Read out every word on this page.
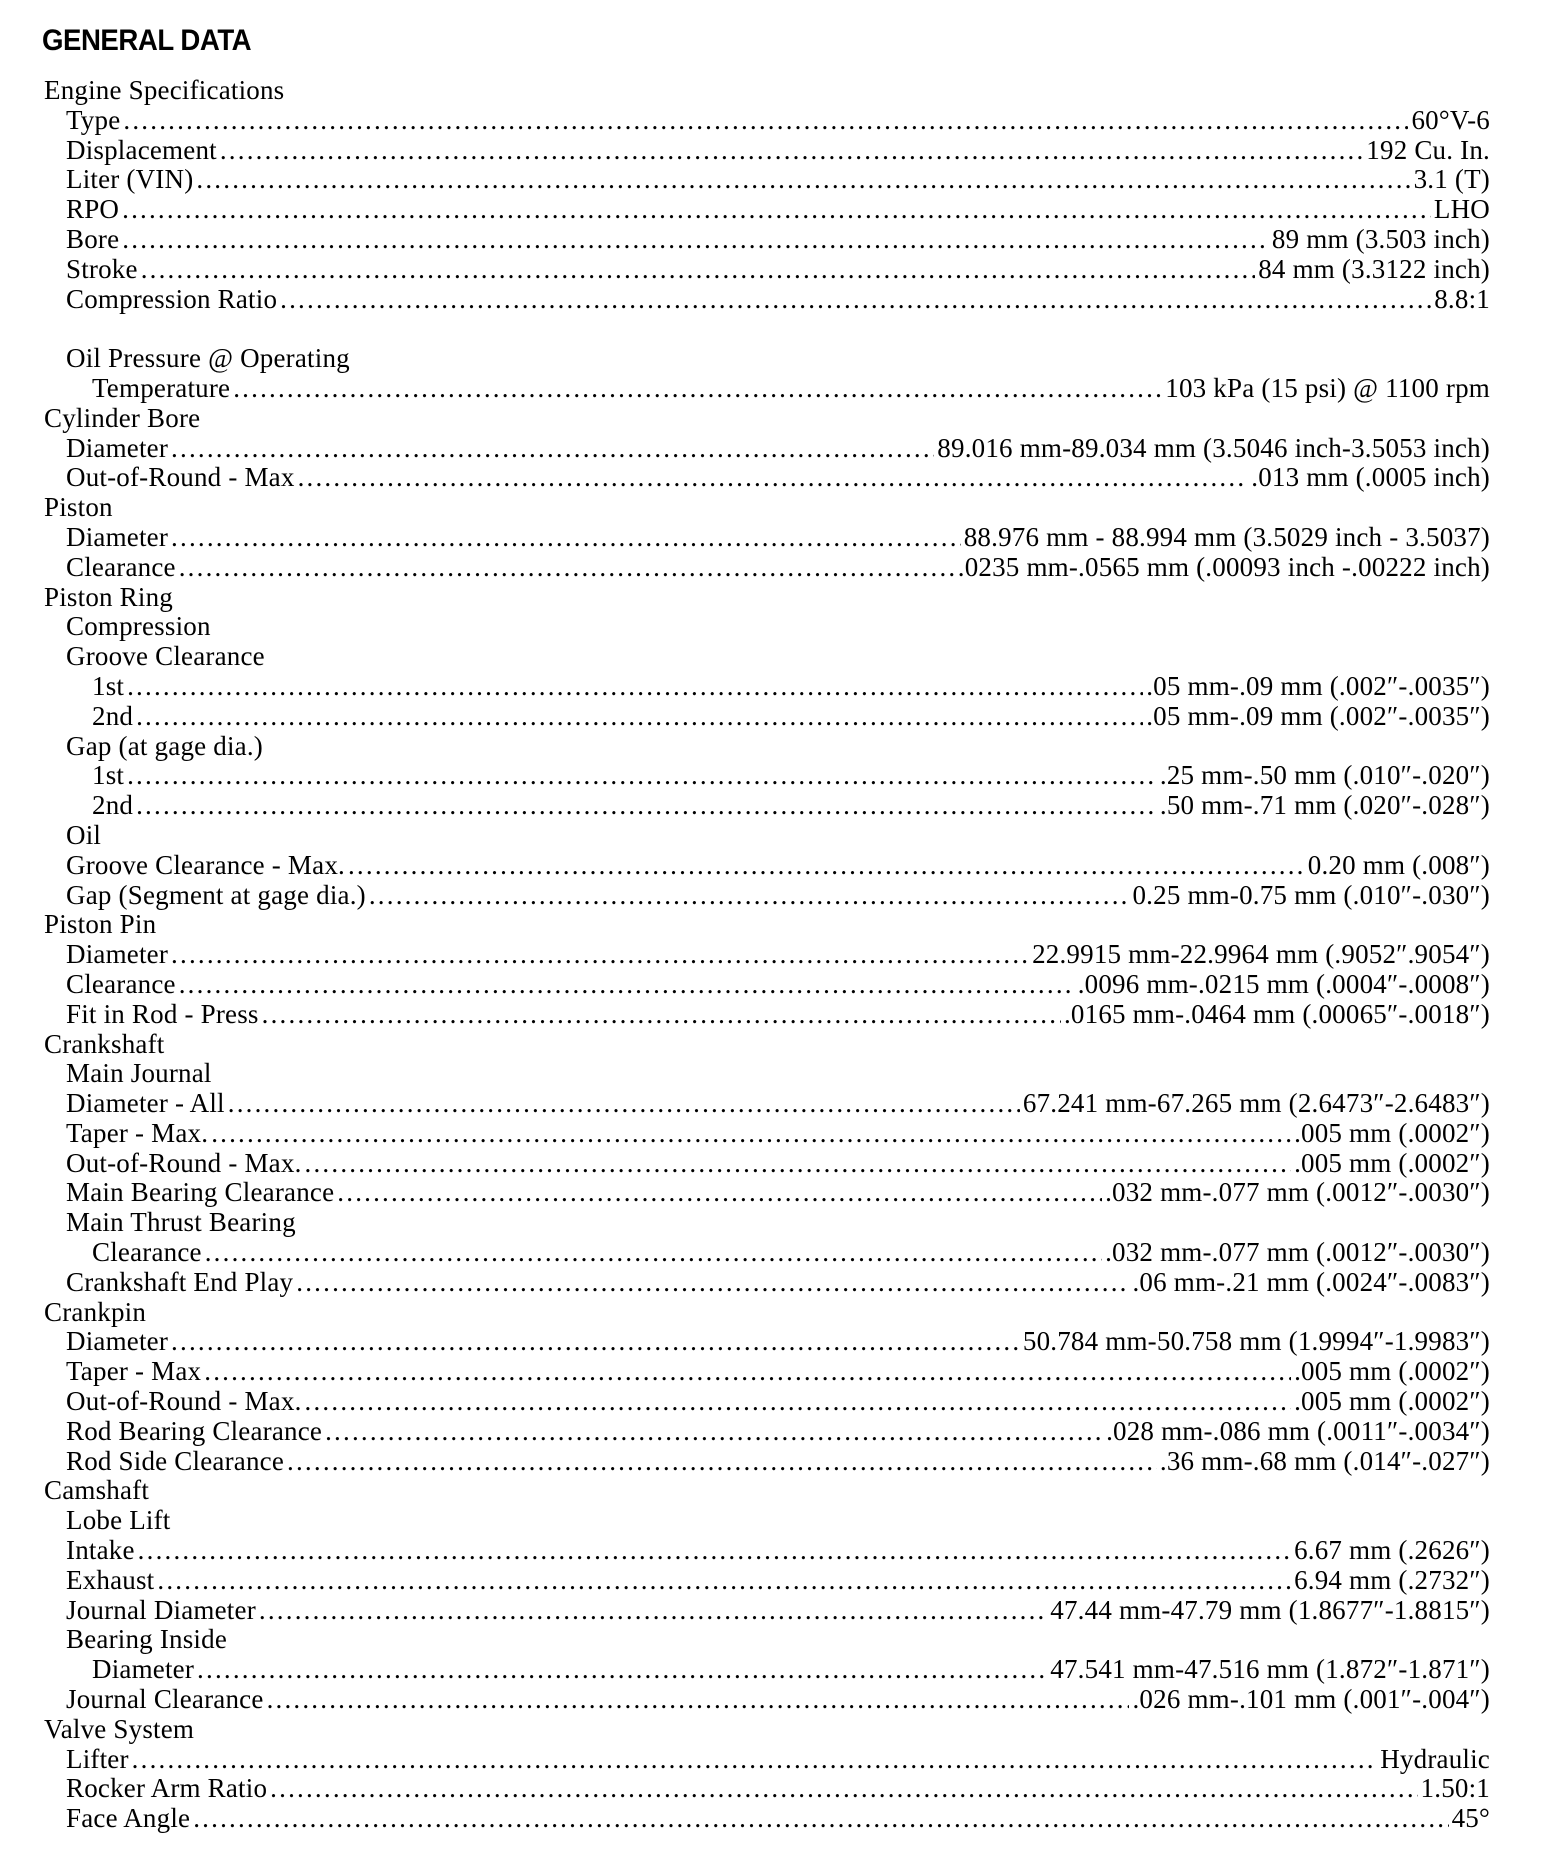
GENERAL DATA
Engine Specifications
Type .....	60°V-6
Displacement .....	192 Cu. In.
Liter (VIN) .....	3.1 (T)
RPO .....	LHO
Bore .....	89 mm (3.503 inch)
Stroke .....	84 mm (3.3122 inch)
Compression Ratio .....	8.8:1
Oil Pressure @ Operating
Temperature .....	103 kPa (15 psi) @ 1100 rpm
Cylinder Bore
Diameter .....	89.016 mm-89.034 mm (3.5046 inch-3.5053 inch)
Out-of-Round - Max .....	.013 mm (.0005 inch)
Piston
Diameter .....	88.976 mm - 88.994 mm (3.5029 inch - 3.5037)
Clearance .....	.0235 mm-.0565 mm (.00093 inch -.00222 inch)
Piston Ring
Compression
Groove Clearance
1st .....	.05 mm-.09 mm (.002″-.0035″)
2nd .....	.05 mm-.09 mm (.002″-.0035″)
Gap (at gage dia.)
1st .....	.25 mm-.50 mm (.010″-.020″)
2nd .....	.50 mm-.71 mm (.020″-.028″)
Oil
Groove Clearance - Max. .....	0.20 mm (.008″)
Gap (Segment at gage dia.) .....	0.25 mm-0.75 mm (.010″-.030″)
Piston Pin
Diameter .....	22.9915 mm-22.9964 mm (.9052″.9054″)
Clearance .....	.0096 mm-.0215 mm (.0004″-.0008″)
Fit in Rod - Press .....	.0165 mm-.0464 mm (.00065″-.0018″)
Crankshaft
Main Journal
Diameter - All .....	67.241 mm-67.265 mm (2.6473″-2.6483″)
Taper - Max. .....	.005 mm (.0002″)
Out-of-Round - Max. .....	.005 mm (.0002″)
Main Bearing Clearance .....	.032 mm-.077 mm (.0012″-.0030″)
Main Thrust Bearing
Clearance .....	.032 mm-.077 mm (.0012″-.0030″)
Crankshaft End Play .....	.06 mm-.21 mm (.0024″-.0083″)
Crankpin
Diameter .....	50.784 mm-50.758 mm (1.9994″-1.9983″)
Taper - Max .....	.005 mm (.0002″)
Out-of-Round - Max. .....	.005 mm (.0002″)
Rod Bearing Clearance .....	.028 mm-.086 mm (.0011″-.0034″)
Rod Side Clearance .....	.36 mm-.68 mm (.014″-.027″)
Camshaft
Lobe Lift
Intake .....	6.67 mm (.2626″)
Exhaust .....	6.94 mm (.2732″)
Journal Diameter .....	47.44 mm-47.79 mm (1.8677″-1.8815″)
Bearing Inside
Diameter .....	47.541 mm-47.516 mm (1.872″-1.871″)
Journal Clearance .....	.026 mm-.101 mm (.001″-.004″)
Valve System
Lifter .....	Hydraulic
Rocker Arm Ratio .....	1.50:1
Face Angle .....	45°
